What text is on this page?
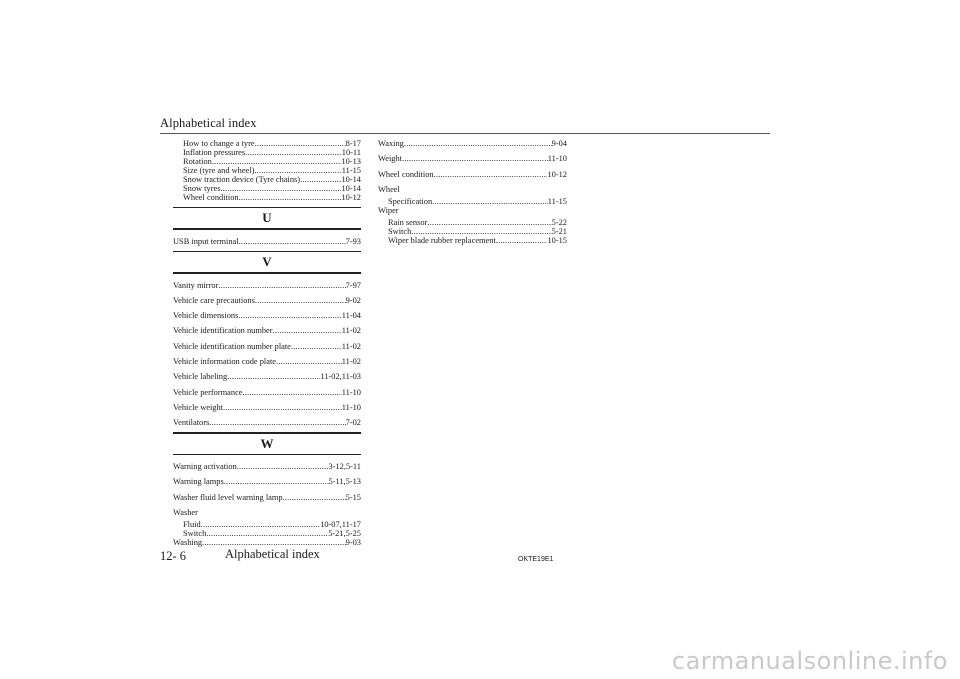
Alphabetical index
How to change a tyre .....	8-17
Inflation pressures .....	10-11
Rotation .....	10-13
Size (tyre and wheel) .....	11-15
Snow traction device (Tyre chains) .....	10-14
Snow tyres .....	10-14
Wheel condition .....	10-12
U
USB input terminal .....	7-93
V
Vanity mirror .....	7-97
Vehicle care precautions .....	9-02
Vehicle dimensions .....	11-04
Vehicle identification number .....	11-02
Vehicle identification number plate .....	11-02
Vehicle information code plate .....	11-02
Vehicle labeling .....	11-02,11-03
Vehicle performance .....	11-10
Vehicle weight .....	11-10
Ventilators .....	7-02
W
Warning activation .....	3-12,5-11
Warning lamps .....	5-11,5-13
Washer fluid level warning lamp .....	5-15
Washer
Fluid .....	10-07,11-17
Switch .....	5-21,5-25
Washing .....	9-03
Waxing .....	9-04
Weight .....	11-10
Wheel condition .....	10-12
Wheel
Specification .....	11-15
Wiper
Rain sensor .....	5-22
Switch .....	5-21
Wiper blade rubber replacement .....	10-15
12- 6	Alphabetical index	OKTE19E1
carmanualsonline.info
